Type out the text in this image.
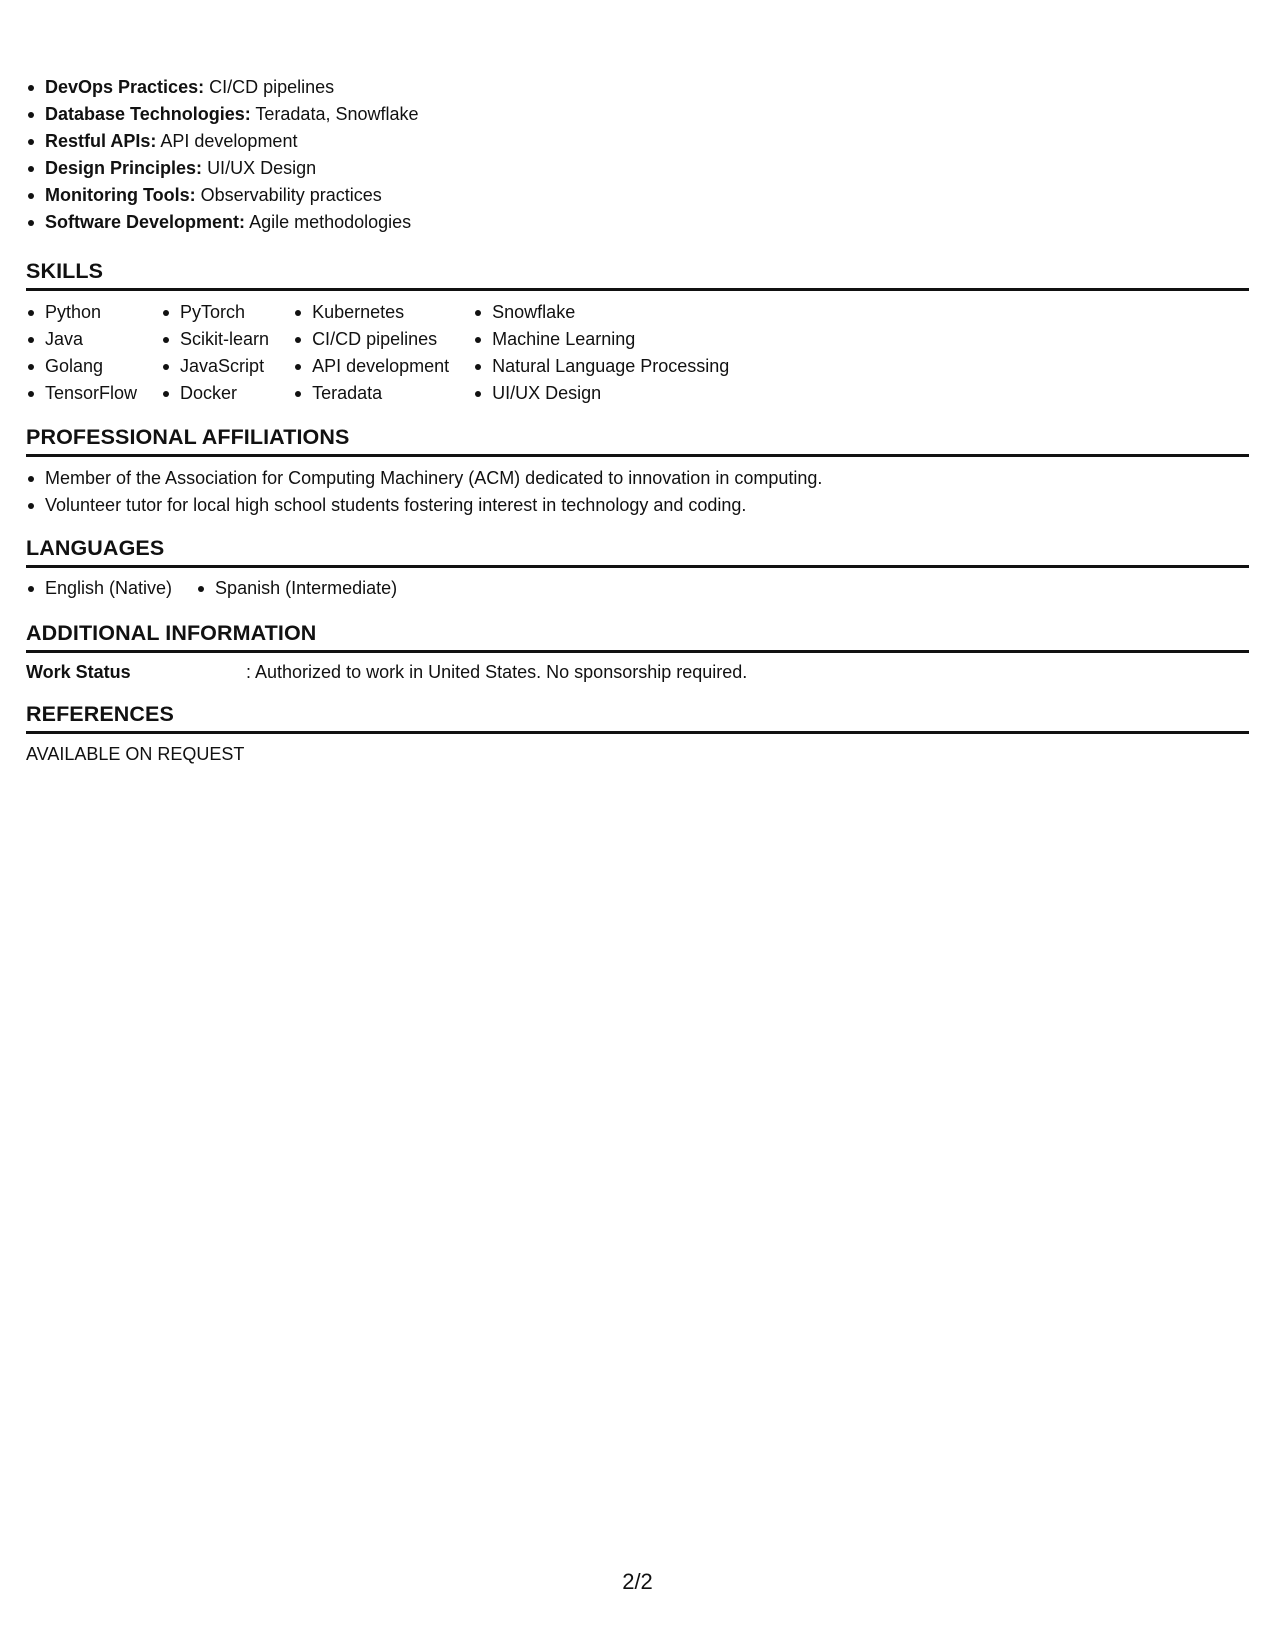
DevOps Practices: CI/CD pipelines
Database Technologies: Teradata, Snowflake
Restful APIs: API development
Design Principles: UI/UX Design
Monitoring Tools: Observability practices
Software Development: Agile methodologies
SKILLS
Python
Java
Golang
TensorFlow
PyTorch
Scikit-learn
JavaScript
Docker
Kubernetes
CI/CD pipelines
API development
Teradata
Snowflake
Machine Learning
Natural Language Processing
UI/UX Design
PROFESSIONAL AFFILIATIONS
Member of the Association for Computing Machinery (ACM) dedicated to innovation in computing.
Volunteer tutor for local high school students fostering interest in technology and coding.
LANGUAGES
English (Native)	Spanish (Intermediate)
ADDITIONAL INFORMATION
Work Status	: Authorized to work in United States. No sponsorship required.
REFERENCES
AVAILABLE ON REQUEST
2/2
